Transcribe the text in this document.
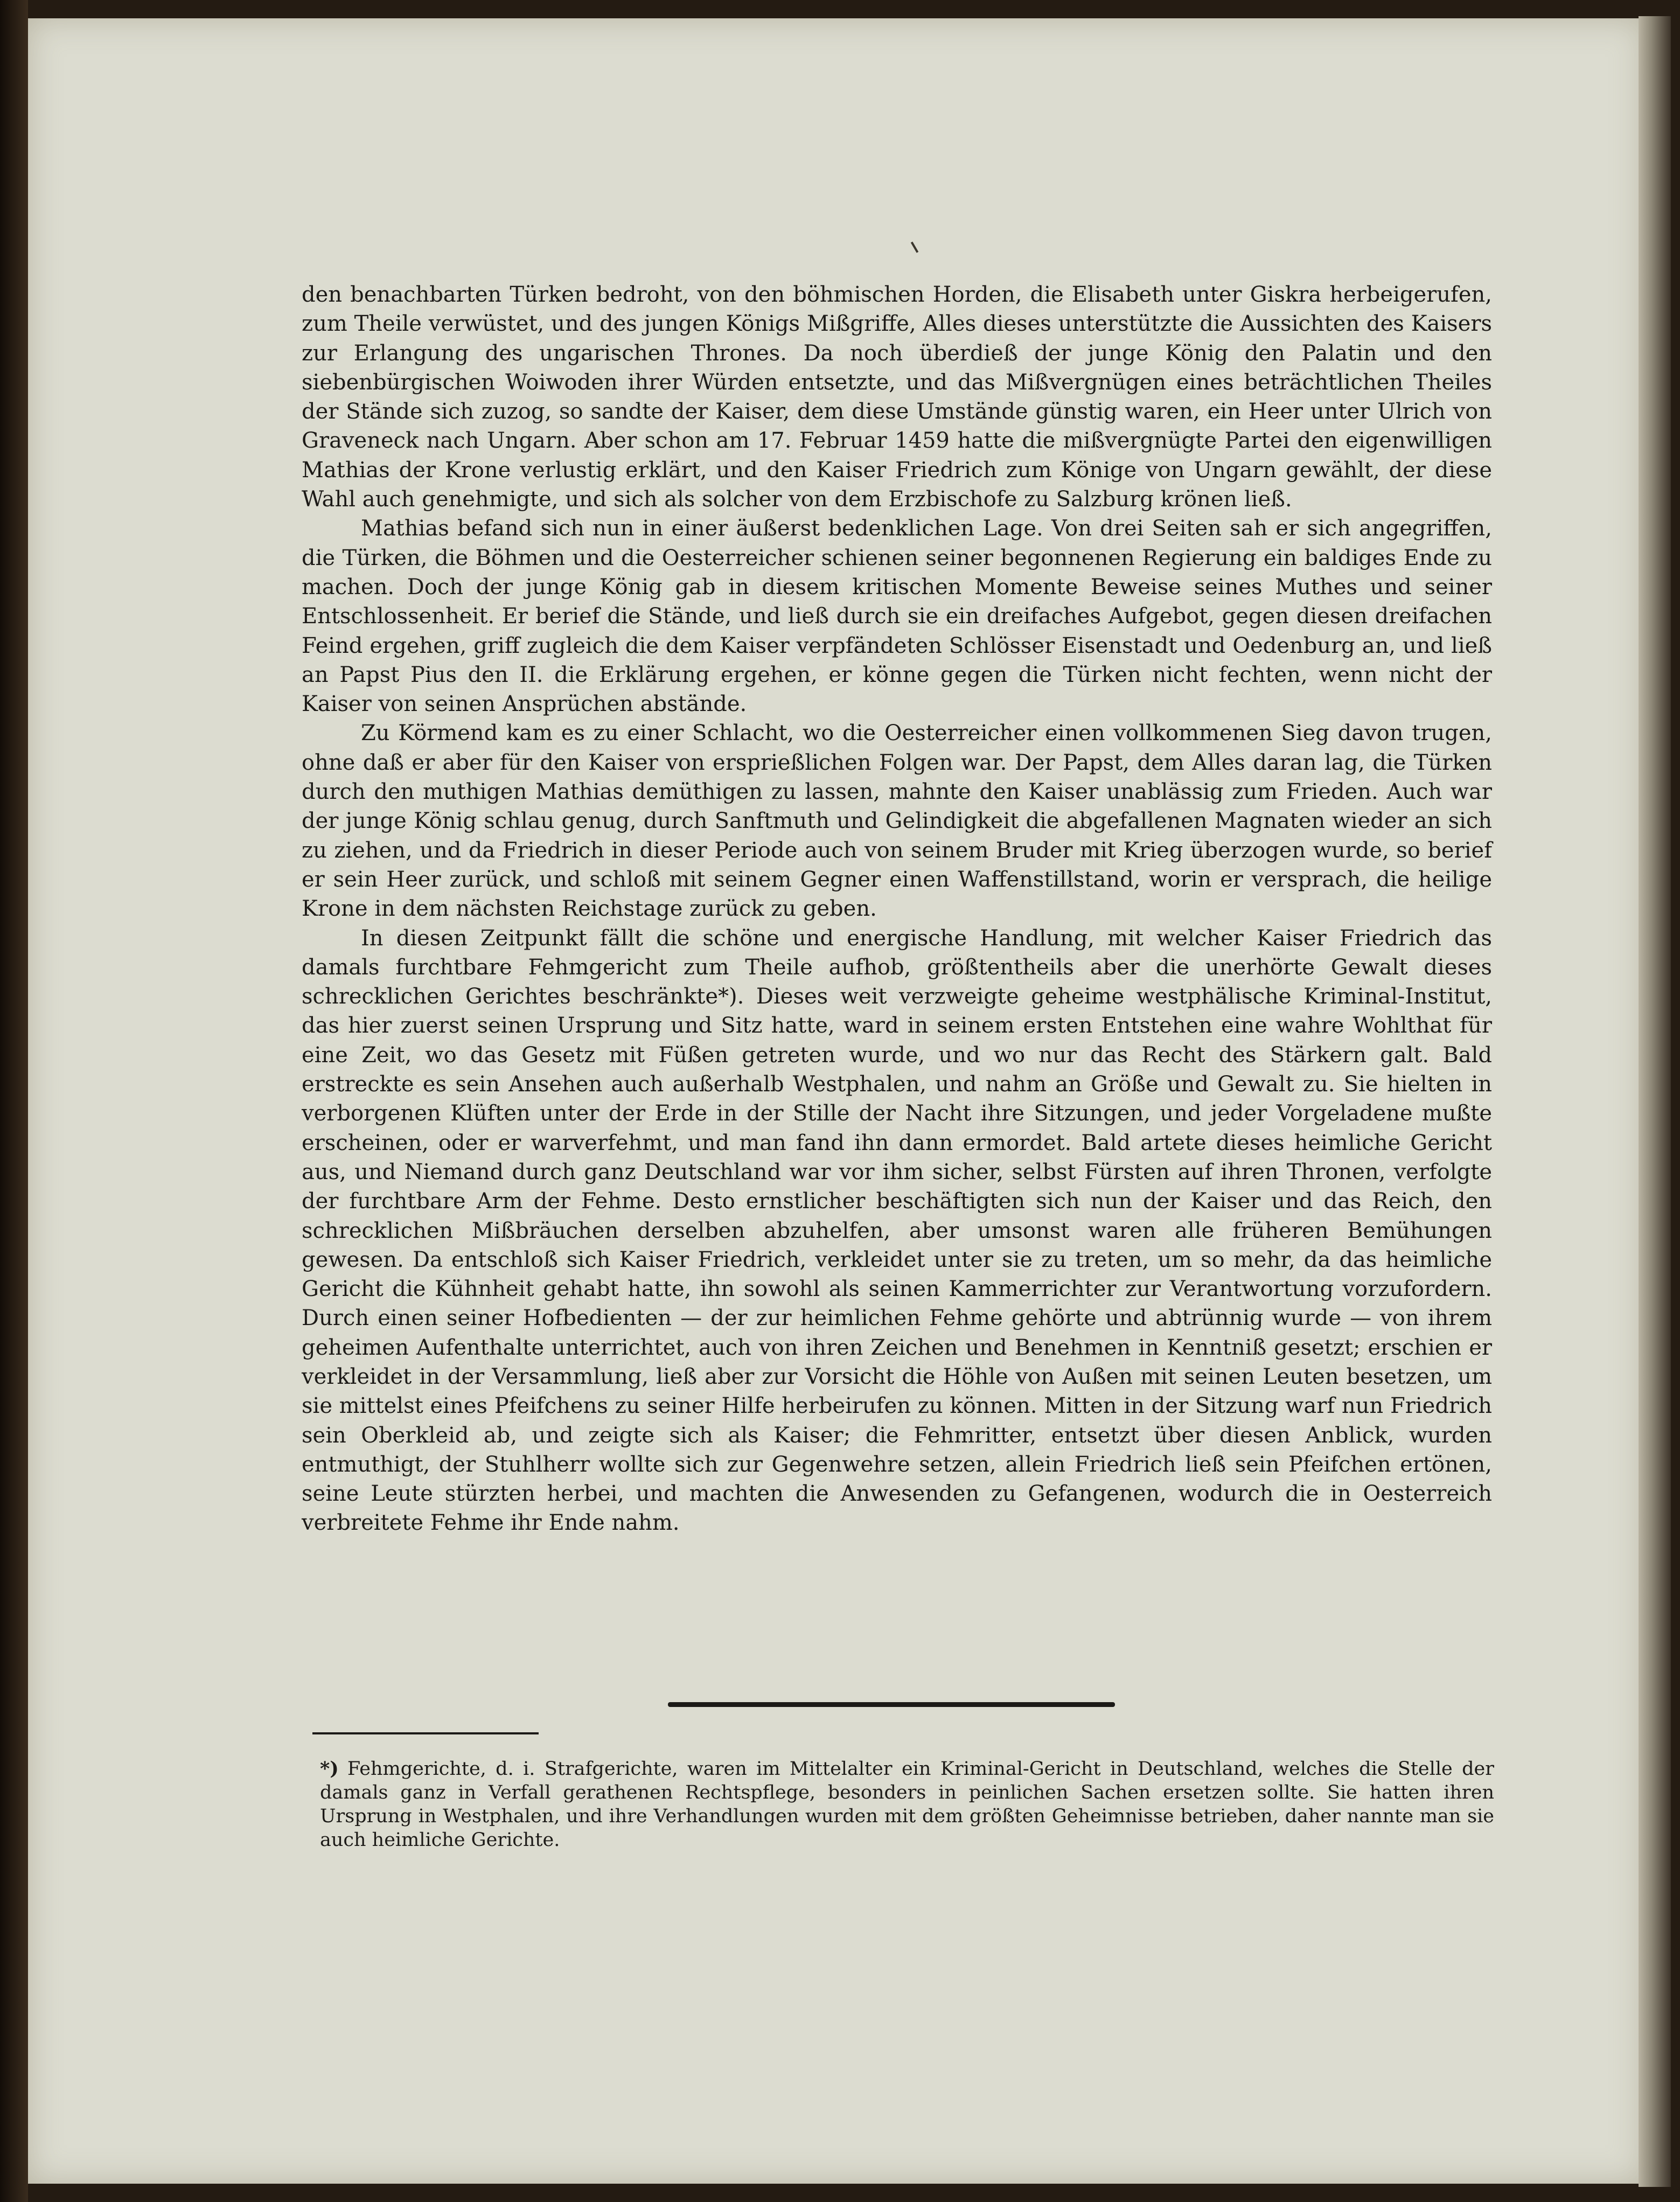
den benachbarten Türken bedroht, von den böhmischen Horden, die Elisabeth unter Giskra herbeigerufen, zum Theile verwüstet, und des jungen Königs Mißgriffe, Alles dieses unterstützte die Aussichten des Kaisers zur Erlangung des ungarischen Thrones. Da noch überdieß der junge König den Palatin und den siebenbürgischen Woiwoden ihrer Würden entsetzte, und das Mißvergnügen eines beträchtlichen Theiles der Stände sich zuzog, so sandte der Kaiser, dem diese Umstände günstig waren, ein Heer unter Ulrich von Graveneck nach Ungarn. Aber schon am 17. Februar 1459 hatte die mißvergnügte Partei den eigenwilligen Mathias der Krone verlustig erklärt, und den Kaiser Friedrich zum Könige von Ungarn gewählt, der diese Wahl auch genehmigte, und sich als solcher von dem Erzbischofe zu Salzburg krönen ließ.

Mathias befand sich nun in einer äußerst bedenklichen Lage. Von drei Seiten sah er sich angegriffen, die Türken, die Böhmen und die Oesterreicher schienen seiner begonnenen Regierung ein baldiges Ende zu machen. Doch der junge König gab in diesem kritischen Momente Beweise seines Muthes und seiner Entschlossenheit. Er berief die Stände, und ließ durch sie ein dreifaches Aufgebot, gegen diesen dreifachen Feind ergehen, griff zugleich die dem Kaiser verpfändeten Schlösser Eisenstadt und Oedenburg an, und ließ an Papst Pius den II. die Erklärung ergehen, er könne gegen die Türken nicht fechten, wenn nicht der Kaiser von seinen Ansprüchen abstände.

Zu Körmend kam es zu einer Schlacht, wo die Oesterreicher einen vollkommenen Sieg davon trugen, ohne daß er aber für den Kaiser von ersprießlichen Folgen war. Der Papst, dem Alles daran lag, die Türken durch den muthigen Mathias demüthigen zu lassen, mahnte den Kaiser unablässig zum Frieden. Auch war der junge König schlau genug, durch Sanftmuth und Gelindigkeit die abgefallenen Magnaten wieder an sich zu ziehen, und da Friedrich in dieser Periode auch von seinem Bruder mit Krieg überzogen wurde, so berief er sein Heer zurück, und schloß mit seinem Gegner einen Waffenstillstand, worin er versprach, die heilige Krone in dem nächsten Reichstage zurück zu geben.

In diesen Zeitpunkt fällt die schöne und energische Handlung, mit welcher Kaiser Friedrich das damals furchtbare Fehmgericht zum Theile aufhob, größtentheils aber die unerhörte Gewalt dieses schrecklichen Gerichtes beschränkte*). Dieses weit verzweigte geheime westphälische Kriminal-Institut, das hier zuerst seinen Ursprung und Sitz hatte, ward in seinem ersten Entstehen eine wahre Wohlthat für eine Zeit, wo das Gesetz mit Füßen getreten wurde, und wo nur das Recht des Stärkern galt. Bald erstreckte es sein Ansehen auch außerhalb Westphalen, und nahm an Größe und Gewalt zu. Sie hielten in verborgenen Klüften unter der Erde in der Stille der Nacht ihre Sitzungen, und jeder Vorgeladene mußte erscheinen, oder er warverfehmt, und man fand ihn dann ermordet. Bald artete dieses heimliche Gericht aus, und Niemand durch ganz Deutschland war vor ihm sicher, selbst Fürsten auf ihren Thronen, verfolgte der furchtbare Arm der Fehme. Desto ernstlicher beschäftigten sich nun der Kaiser und das Reich, den schrecklichen Mißbräuchen derselben abzuhelfen, aber umsonst waren alle früheren Bemühungen gewesen. Da entschloß sich Kaiser Friedrich, verkleidet unter sie zu treten, um so mehr, da das heimliche Gericht die Kühnheit gehabt hatte, ihn sowohl als seinen Kammerrichter zur Verantwortung vorzufordern. Durch einen seiner Hofbedienten — der zur heimlichen Fehme gehörte und abtrünnig wurde — von ihrem geheimen Aufenthalte unterrichtet, auch von ihren Zeichen und Benehmen in Kenntniß gesetzt; erschien er verkleidet in der Versammlung, ließ aber zur Vorsicht die Höhle von Außen mit seinen Leuten besetzen, um sie mittelst eines Pfeifchens zu seiner Hilfe herbeirufen zu können. Mitten in der Sitzung warf nun Friedrich sein Oberkleid ab, und zeigte sich als Kaiser; die Fehmritter, entsetzt über diesen Anblick, wurden entmuthigt, der Stuhlherr wollte sich zur Gegenwehre setzen, allein Friedrich ließ sein Pfeifchen ertönen, seine Leute stürzten herbei, und machten die Anwesenden zu Gefangenen, wodurch die in Oesterreich verbreitete Fehme ihr Ende nahm.

*) Fehmgerichte, d. i. Strafgerichte, waren im Mittelalter ein Kriminal-Gericht in Deutschland, welches die Stelle der damals ganz in Verfall gerathenen Rechtspflege, besonders in peinlichen Sachen ersetzen sollte. Sie hatten ihren Ursprung in Westphalen, und ihre Verhandlungen wurden mit dem größten Geheimnisse betrieben, daher nannte man sie auch heimliche Gerichte.
